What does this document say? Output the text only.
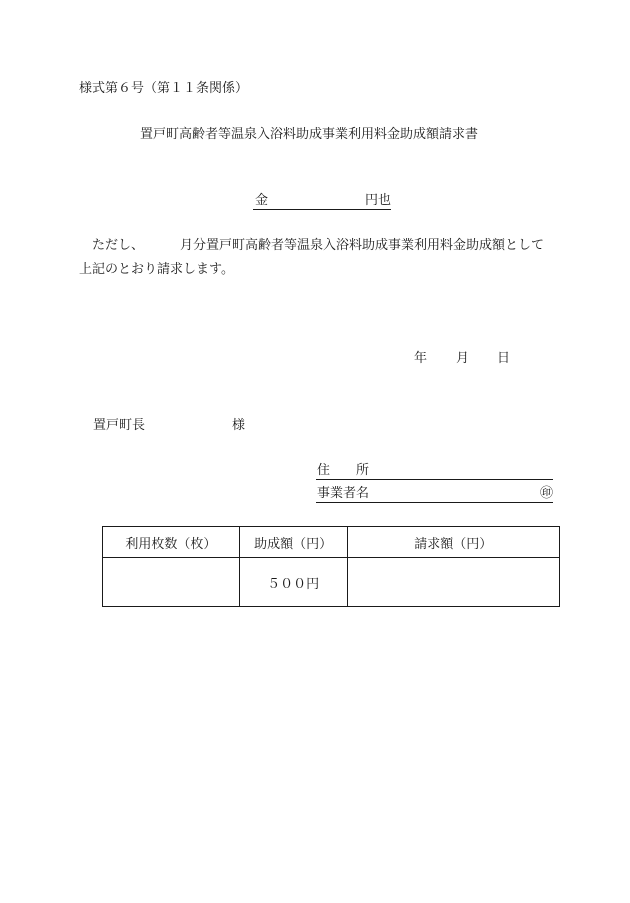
様式第６号（第１１条関係）
置戸町高齢者等温泉入浴料助成事業利用料金助成額請求書
金	円也
ただし、	月分置戸町高齢者等温泉入浴料助成事業利用料金助成額として
上記のとおり請求します。
年 月 日
置戸町長	様
住　　所
事業者名	㊞
利用枚数（枚）	助成額（円）	請求額（円）
	５００円	
